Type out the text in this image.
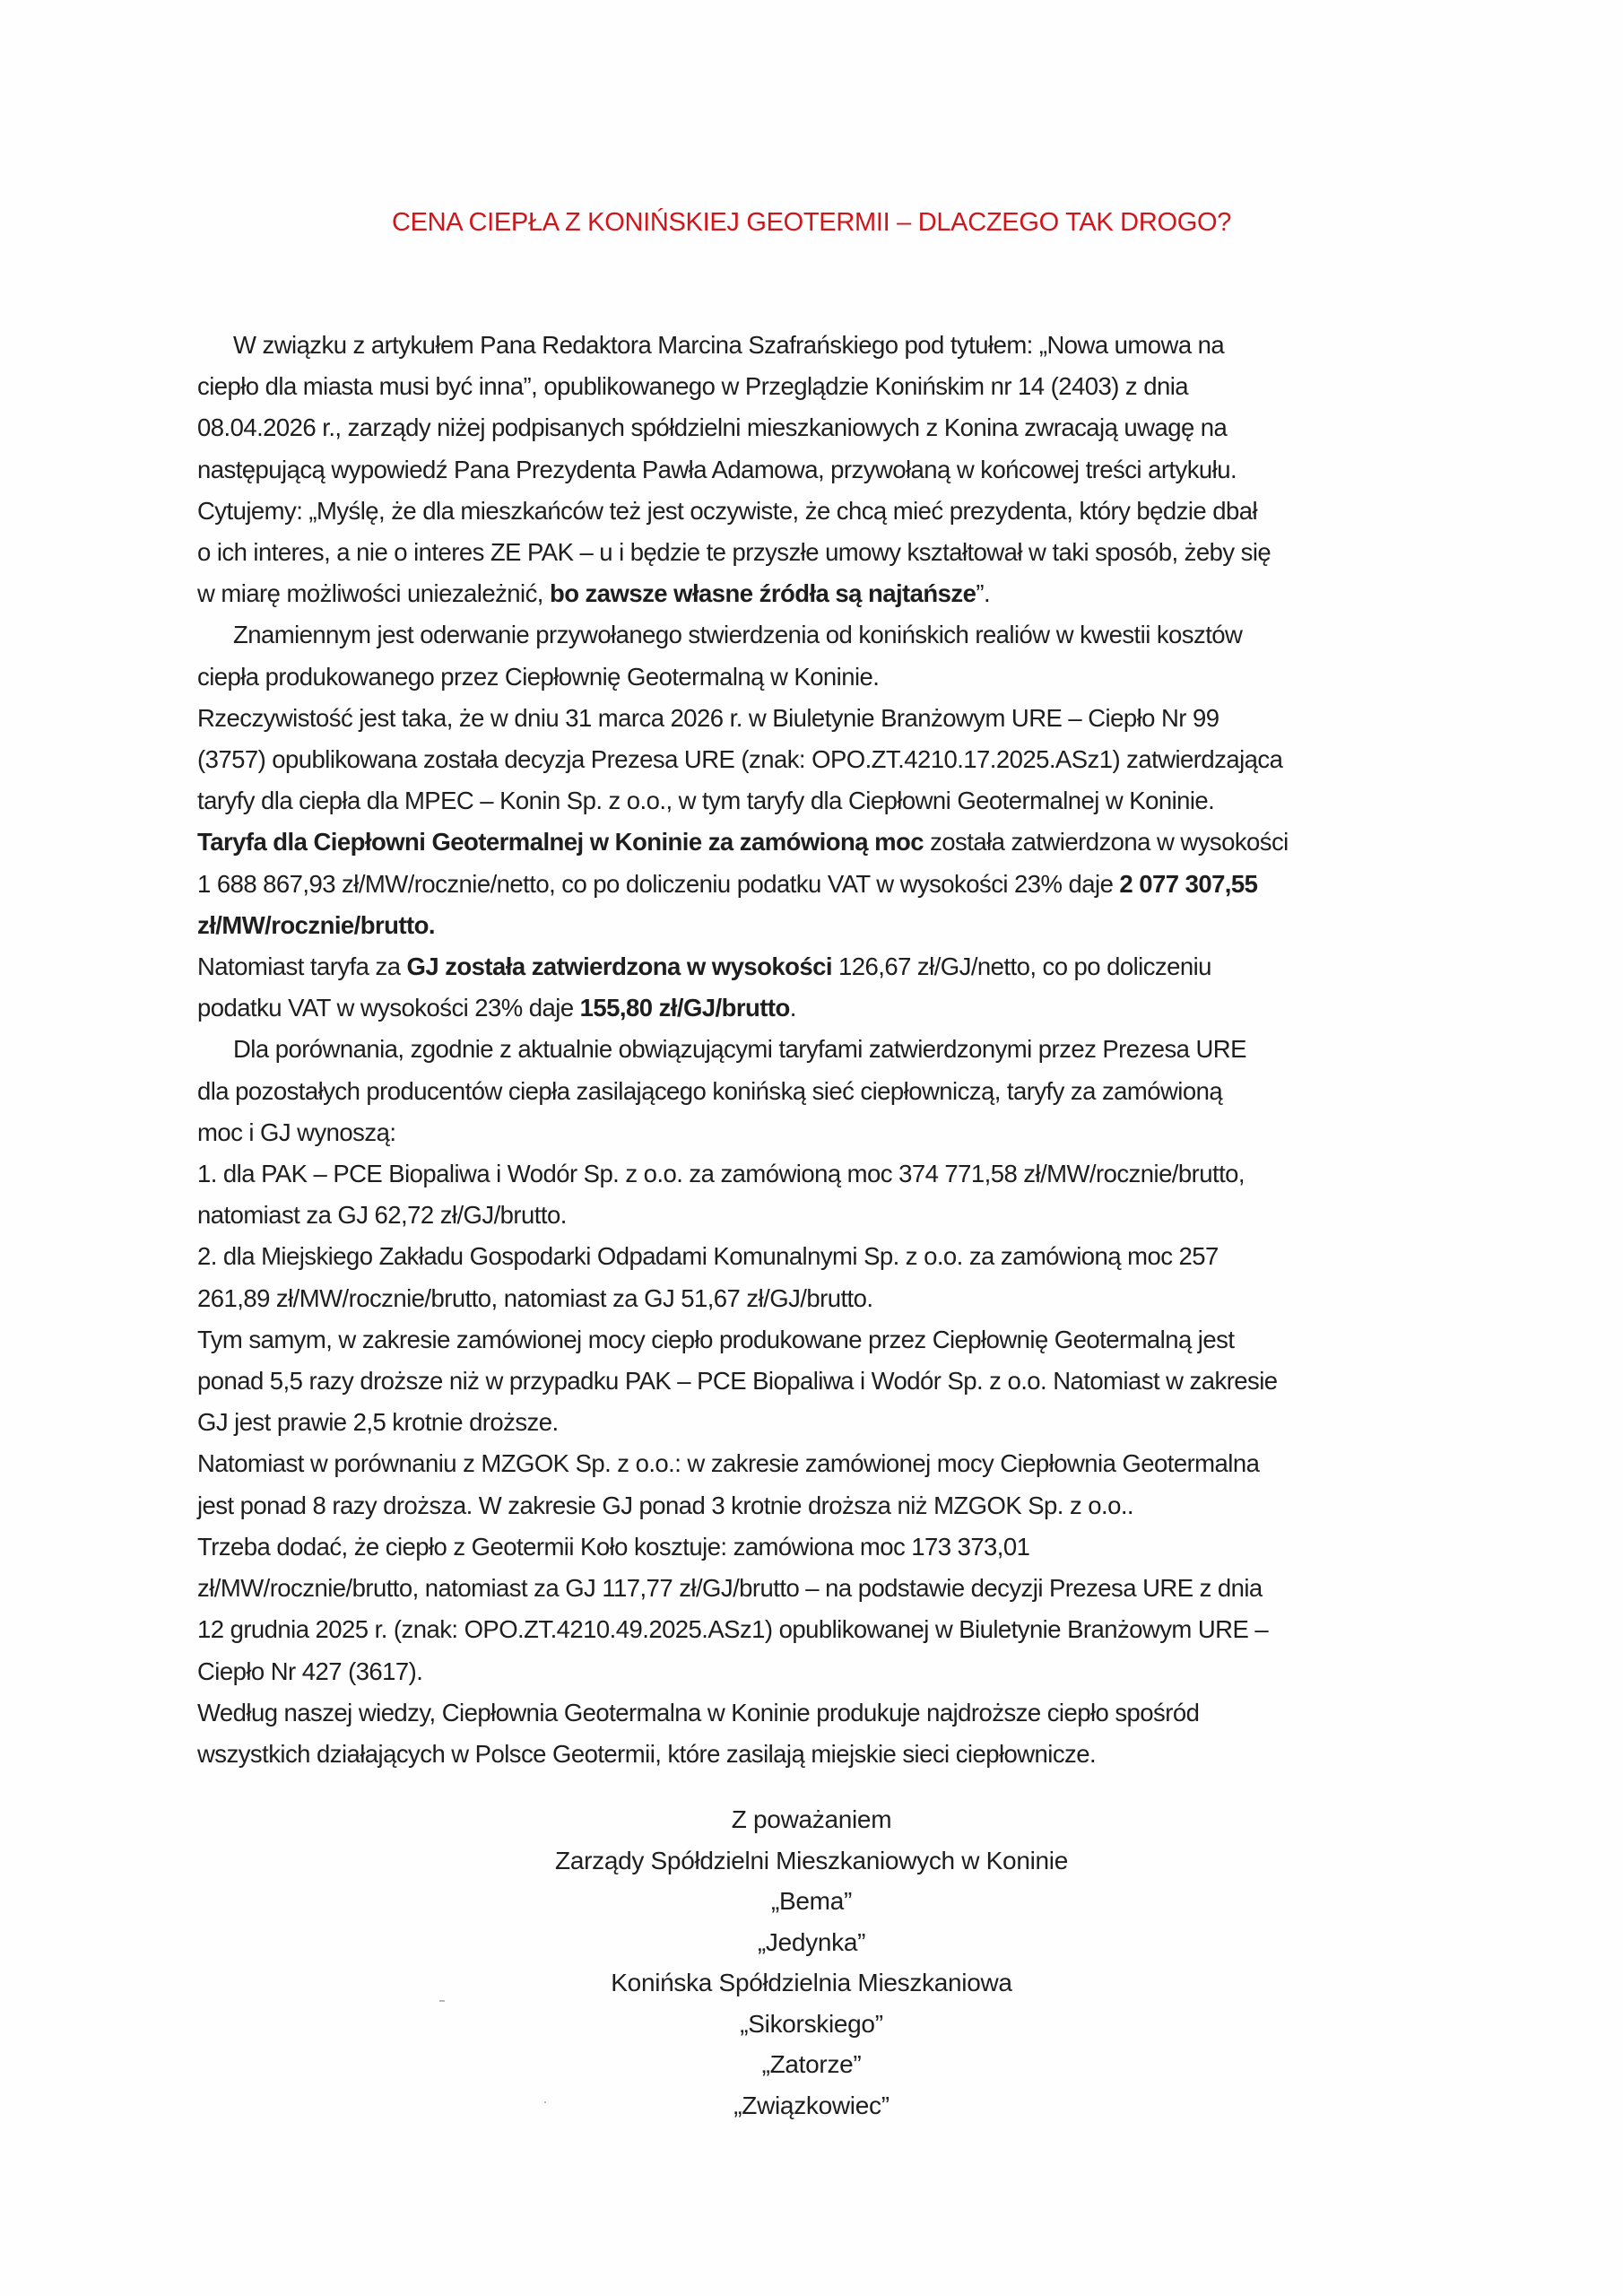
CENA CIEPŁA Z KONIŃSKIEJ GEOTERMII – DLACZEGO TAK DROGO?
W związku z artykułem Pana Redaktora Marcina Szafrańskiego pod tytułem: „Nowa umowa na
ciepło dla miasta musi być inna”, opublikowanego w Przeglądzie Konińskim nr 14 (2403) z dnia
08.04.2026 r., zarządy niżej podpisanych spółdzielni mieszkaniowych z Konina zwracają uwagę na
następującą wypowiedź Pana Prezydenta Pawła Adamowa, przywołaną w końcowej treści artykułu.
Cytujemy: „Myślę, że dla mieszkańców też jest oczywiste, że chcą mieć prezydenta, który będzie dbał
o ich interes, a nie o interes ZE PAK – u i będzie te przyszłe umowy kształtował w taki sposób, żeby się
w miarę możliwości uniezależnić, bo zawsze własne źródła są najtańsze”.
Znamiennym jest oderwanie przywołanego stwierdzenia od konińskich realiów w kwestii kosztów
ciepła produkowanego przez Ciepłownię Geotermalną w Koninie.
Rzeczywistość jest taka, że w dniu 31 marca 2026 r. w Biuletynie Branżowym URE – Ciepło Nr 99
(3757) opublikowana została decyzja Prezesa URE (znak: OPO.ZT.4210.17.2025.ASz1) zatwierdzająca
taryfy dla ciepła dla MPEC – Konin Sp. z o.o., w tym taryfy dla Ciepłowni Geotermalnej w Koninie.
Taryfa dla Ciepłowni Geotermalnej w Koninie za zamówioną moc została zatwierdzona w wysokości
1 688 867,93 zł/MW/rocznie/netto, co po doliczeniu podatku VAT w wysokości 23% daje 2 077 307,55
zł/MW/rocznie/brutto.
Natomiast taryfa za GJ została zatwierdzona w wysokości 126,67 zł/GJ/netto, co po doliczeniu
podatku VAT w wysokości 23% daje 155,80 zł/GJ/brutto.
Dla porównania, zgodnie z aktualnie obwiązującymi taryfami zatwierdzonymi przez Prezesa URE
dla pozostałych producentów ciepła zasilającego konińską sieć ciepłowniczą, taryfy za zamówioną
moc i GJ wynoszą:
1. dla PAK – PCE Biopaliwa i Wodór Sp. z o.o. za zamówioną moc 374 771,58 zł/MW/rocznie/brutto,
natomiast za GJ 62,72 zł/GJ/brutto.
2. dla Miejskiego Zakładu Gospodarki Odpadami Komunalnymi Sp. z o.o. za zamówioną moc 257
261,89 zł/MW/rocznie/brutto, natomiast za GJ 51,67 zł/GJ/brutto.
Tym samym, w zakresie zamówionej mocy ciepło produkowane przez Ciepłownię Geotermalną jest
ponad 5,5 razy droższe niż w przypadku PAK – PCE Biopaliwa i Wodór Sp. z o.o. Natomiast w zakresie
GJ jest prawie 2,5 krotnie droższe.
Natomiast w porównaniu z MZGOK Sp. z o.o.: w zakresie zamówionej mocy Ciepłownia Geotermalna
jest ponad 8 razy droższa. W zakresie GJ ponad 3 krotnie droższa niż MZGOK Sp. z o.o..
Trzeba dodać, że ciepło z Geotermii Koło kosztuje: zamówiona moc 173 373,01
zł/MW/rocznie/brutto, natomiast za GJ 117,77 zł/GJ/brutto – na podstawie decyzji Prezesa URE z dnia
12 grudnia 2025 r. (znak: OPO.ZT.4210.49.2025.ASz1) opublikowanej w Biuletynie Branżowym URE –
Ciepło Nr 427 (3617).
Według naszej wiedzy, Ciepłownia Geotermalna w Koninie produkuje najdroższe ciepło spośród
wszystkich działających w Polsce Geotermii, które zasilają miejskie sieci ciepłownicze.
Z poważaniem
Zarządy Spółdzielni Mieszkaniowych w Koninie
„Bema”
„Jedynka”
Konińska Spółdzielnia Mieszkaniowa
„Sikorskiego”
„Zatorze”
„Związkowiec”
